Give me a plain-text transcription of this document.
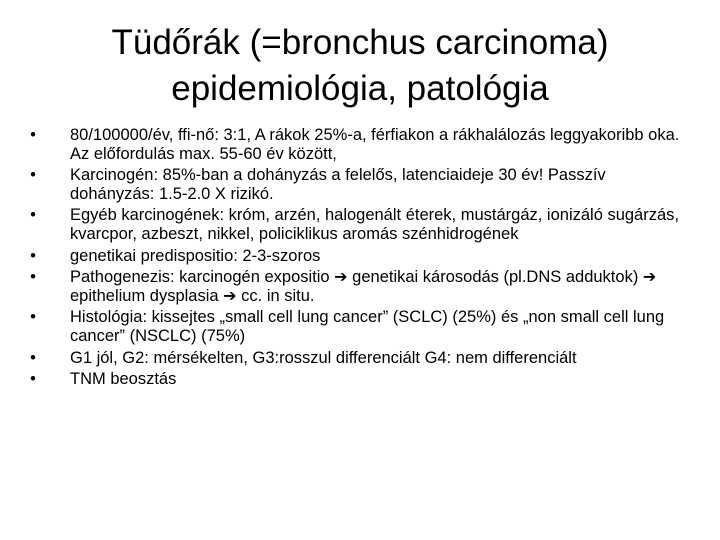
Tüdőrák (=bronchus carcinoma)
epidemiológia, patológia
• 80/100000/év, ffi-nő: 3:1, A rákok 25%-a, férfiakon a rákhalálozás leggyakoribb oka. Az előfordulás max. 55-60 év között,
• Karcinogén: 85%-ban a dohányzás a felelős, latenciaideje 30 év! Passzív dohányzás: 1.5-2.0 X rizikó.
• Egyéb karcinogének: króm, arzén, halogenált éterek, mustárgáz, ionizáló sugárzás, kvarcpor, azbeszt, nikkel, policiklikus aromás szénhidrogének
• genetikai predispositio: 2-3-szoros
• Pathogenezis: karcinogén expositio ➔ genetikai károsodás (pl.DNS adduktok) ➔epithelium dysplasia ➔ cc. in situ.
• Histológia: kissejtes „small cell lung cancer” (SCLC) (25%) és „non small cell lung cancer” (NSCLC) (75%)
• G1 jól, G2: mérsékelten, G3:rosszul differenciált G4: nem differenciált
• TNM beosztás
